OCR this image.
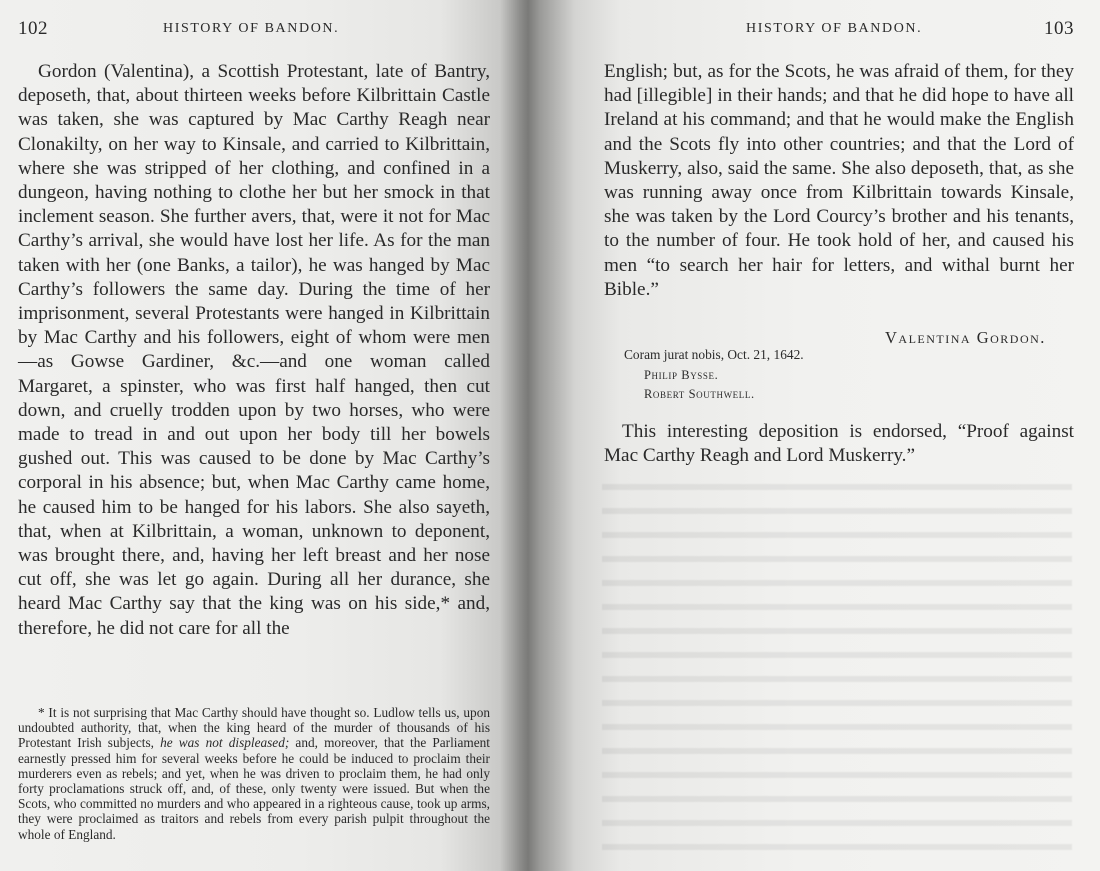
102	HISTORY OF BANDON.
Gordon (Valentina), a Scottish Protestant, late of Bantry, deposeth, that, about thirteen weeks before Kilbrittain Castle was taken, she was captured by Mac Carthy Reagh near Clonakilty, on her way to Kinsale, and carried to Kilbrittain, where she was stripped of her clothing, and confined in a dungeon, having nothing to clothe her but her smock in that inclement season. She further avers, that, were it not for Mac Carthy’s arrival, she would have lost her life. As for the man taken with her (one Banks, a tailor), he was hanged by Mac Carthy’s followers the same day. During the time of her imprisonment, several Protestants were hanged in Kilbrittain by Mac Carthy and his followers, eight of whom were men—as Gowse Gardiner, &c.—and one woman called Margaret, a spinster, who was first half hanged, then cut down, and cruelly trodden upon by two horses, who were made to tread in and out upon her body till her bowels gushed out. This was caused to be done by Mac Carthy’s corporal in his absence; but, when Mac Carthy came home, he caused him to be hanged for his labors. She also sayeth, that, when at Kilbrittain, a woman, unknown to deponent, was brought there, and, having her left breast and her nose cut off, she was let go again. During all her durance, she heard Mac Carthy say that the king was on his side,* and, therefore, he did not care for all the
* It is not surprising that Mac Carthy should have thought so. Ludlow tells us, upon undoubted authority, that, when the king heard of the murder of thousands of his Protestant Irish subjects, he was not displeased; and, moreover, that the Parliament earnestly pressed him for several weeks before he could be induced to proclaim their murderers even as rebels; and yet, when he was driven to proclaim them, he had only forty proclamations struck off, and, of these, only twenty were issued. But when the Scots, who committed no murders and who appeared in a righteous cause, took up arms, they were proclaimed as traitors and rebels from every parish pulpit throughout the whole of England.
HISTORY OF BANDON.	103
English; but, as for the Scots, he was afraid of them, for they had [illegible] in their hands; and that he did hope to have all Ireland at his command; and that he would make the English and the Scots fly into other countries; and that the Lord of Muskerry, also, said the same. She also deposeth, that, as she was running away once from Kilbrittain towards Kinsale, she was taken by the Lord Courcy’s brother and his tenants, to the number of four. He took hold of her, and caused his men “to search her hair for letters, and withal burnt her Bible.”
Valentina Gordon.
Coram jurat nobis, Oct. 21, 1642.
Philip Bysse.
Robert Southwell.
This interesting deposition is endorsed, “Proof against Mac Carthy Reagh and Lord Muskerry.”
